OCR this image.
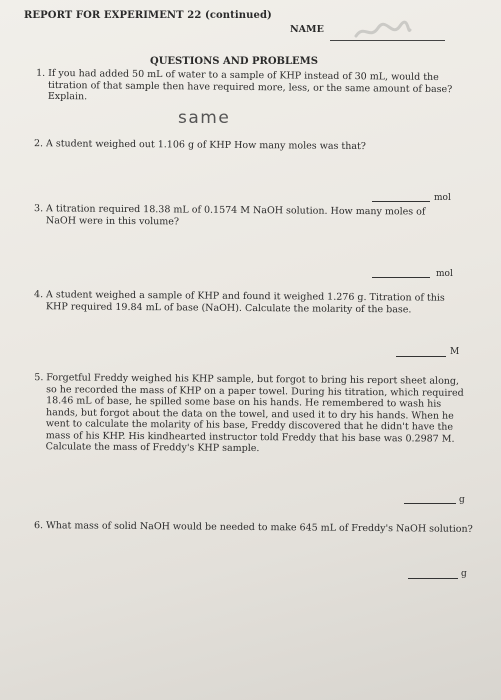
REPORT FOR EXPERIMENT 22 (continued)
NAME
QUESTIONS AND PROBLEMS
1. If you had added 50 mL of water to a sample of KHP instead of 30 mL, would the titration of that sample then have required more, less, or the same amount of base? Explain.
same
2. A student weighed out 1.106 g of KHP How many moles was that?
mol
3. A titration required 18.38 mL of 0.1574 M NaOH solution. How many moles of NaOH were in this volume?
mol
4. A student weighed a sample of KHP and found it weighed 1.276 g. Titration of this KHP required 19.84 mL of base (NaOH). Calculate the molarity of the base.
M
5. Forgetful Freddy weighed his KHP sample, but forgot to bring his report sheet along, so he recorded the mass of KHP on a paper towel. During his titration, which required 18.46 mL of base, he spilled some base on his hands. He remembered to wash his hands, but forgot about the data on the towel, and used it to dry his hands. When he went to calculate the molarity of his base, Freddy discovered that he didn't have the mass of his KHP. His kindhearted instructor told Freddy that his base was 0.2987 M. Calculate the mass of Freddy's KHP sample.
g
6. What mass of solid NaOH would be needed to make 645 mL of Freddy's NaOH solution?
g
